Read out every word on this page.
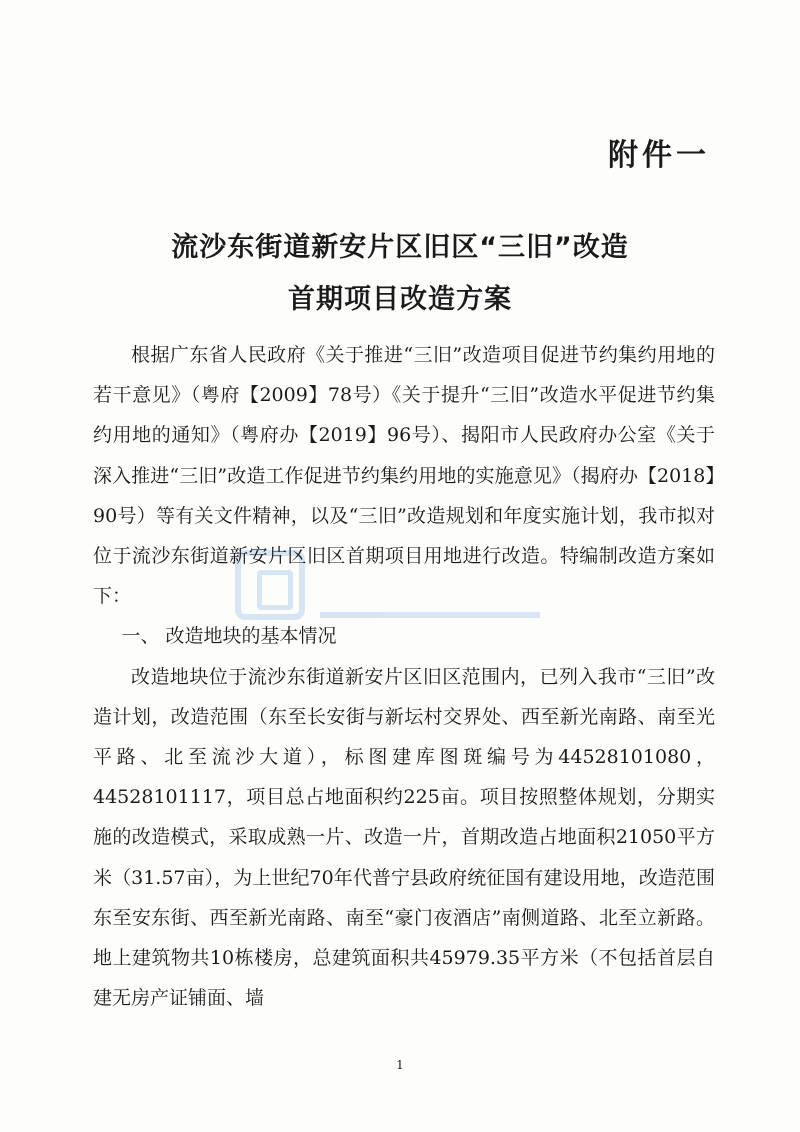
附件一
流沙东街道新安片区旧区“三旧”改造
首期项目改造方案

根据广东省人民政府《关于推进“三旧”改造项目促进节约集约用地的若干意见》（粤府【2009】78号）《关于提升“三旧”改造水平促进节约集约用地的通知》（粤府办【2019】96号）、揭阳市人民政府办公室《关于深入推进“三旧”改造工作促进节约集约用地的实施意见》（揭府办【2018】90号）等有关文件精神，以及“三旧”改造规划和年度实施计划，我市拟对位于流沙东街道新安片区旧区首期项目用地进行改造。特编制改造方案如下：

一、 改造地块的基本情况

改造地块位于流沙东街道新安片区旧区范围内，已列入我市“三旧”改造计划，改造范围（东至长安街与新坛村交界处、西至新光南路、南至光平路、北至流沙大道），标图建库图斑编号为44528101080，44528101117，项目总占地面积约225亩。项目按照整体规划，分期实施的改造模式，采取成熟一片、改造一片，首期改造占地面积21050平方米（31.57亩），为上世纪70年代普宁县政府统征国有建设用地，改造范围东至安东街、西至新光南路、南至“豪门夜酒店”南侧道路、北至立新路。地上建筑物共10栋楼房，总建筑面积共45979.35平方米（不包括首层自建无房产证铺面、墙

1
